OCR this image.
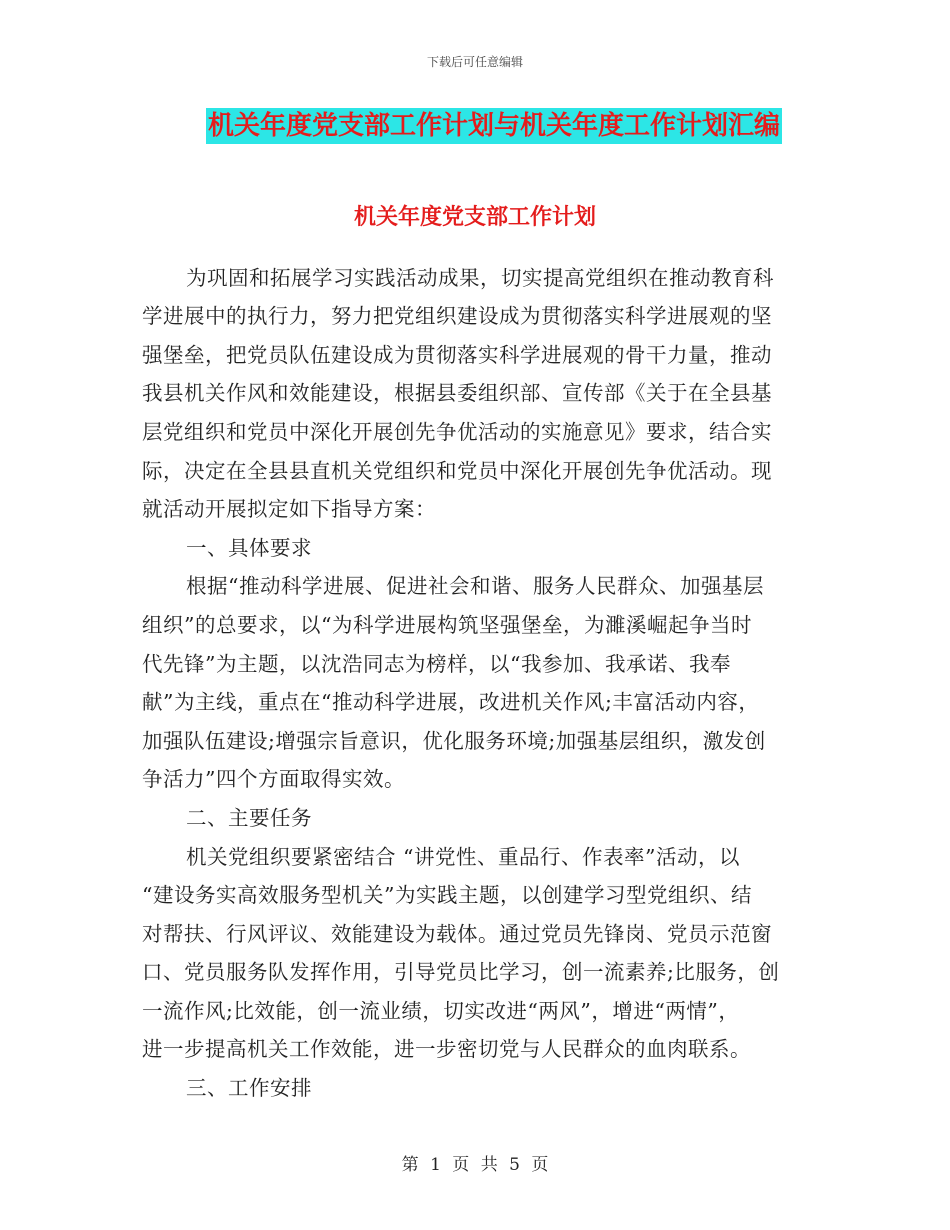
下载后可任意编辑
机关年度党支部工作计划与机关年度工作计划汇编
机关年度党支部工作计划
为巩固和拓展学习实践活动成果，切实提高党组织在推动教育科
学进展中的执行力，努力把党组织建设成为贯彻落实科学进展观的坚
强堡垒，把党员队伍建设成为贯彻落实科学进展观的骨干力量，推动
我县机关作风和效能建设，根据县委组织部、宣传部《关于在全县基
层党组织和党员中深化开展创先争优活动的实施意见》要求，结合实
际，决定在全县县直机关党组织和党员中深化开展创先争优活动。现
就活动开展拟定如下指导方案：
一、具体要求
根据“推动科学进展、促进社会和谐、服务人民群众、加强基层
组织”的总要求，以“为科学进展构筑坚强堡垒，为濉溪崛起争当时
代先锋”为主题，以沈浩同志为榜样，以“我参加、我承诺、我奉
献”为主线，重点在“推动科学进展，改进机关作风;丰富活动内容，
加强队伍建设;增强宗旨意识，优化服务环境;加强基层组织，激发创
争活力”四个方面取得实效。
二、主要任务
机关党组织要紧密结合 “讲党性、重品行、作表率”活动，以
“建设务实高效服务型机关”为实践主题，以创建学习型党组织、结
对帮扶、行风评议、效能建设为载体。通过党员先锋岗、党员示范窗
口、党员服务队发挥作用，引导党员比学习，创一流素养;比服务，创
一流作风;比效能，创一流业绩，切实改进“两风”，增进“两情”，
进一步提高机关工作效能，进一步密切党与人民群众的血肉联系。
三、工作安排
第 1 页 共 5 页
